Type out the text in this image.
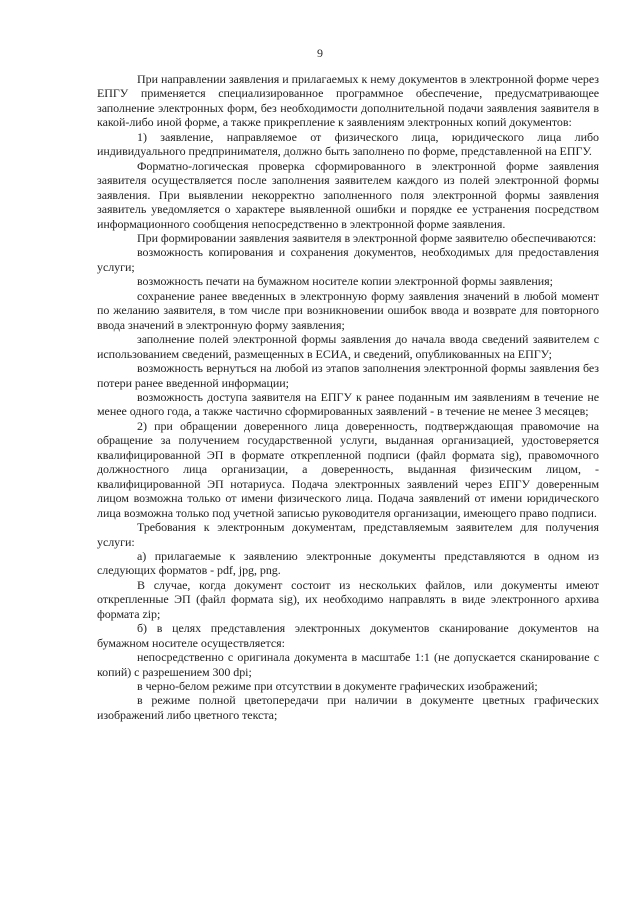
9

При направлении заявления и прилагаемых к нему документов в электронной форме через ЕПГУ применяется специализированное программное обеспечение, предусматривающее заполнение электронных форм, без необходимости дополнительной подачи заявления заявителя в какой-либо иной форме, а также прикрепление к заявлениям электронных копий документов:

1) заявление, направляемое от физического лица, юридического лица либо индивидуального предпринимателя, должно быть заполнено по форме, представленной на ЕПГУ.

Форматно-логическая проверка сформированного в электронной форме заявления заявителя осуществляется после заполнения заявителем каждого из полей электронной формы заявления. При выявлении некорректно заполненного поля электронной формы заявления заявитель уведомляется о характере выявленной ошибки и порядке ее устранения посредством информационного сообщения непосредственно в электронной форме заявления.

При формировании заявления заявителя в электронной форме заявителю обеспечиваются:

возможность копирования и сохранения документов, необходимых для предоставления услуги;

возможность печати на бумажном носителе копии электронной формы заявления;

сохранение ранее введенных в электронную форму заявления значений в любой момент по желанию заявителя, в том числе при возникновении ошибок ввода и возврате для повторного ввода значений в электронную форму заявления;

заполнение полей электронной формы заявления до начала ввода сведений заявителем с использованием сведений, размещенных в ЕСИА, и сведений, опубликованных на ЕПГУ;

возможность вернуться на любой из этапов заполнения электронной формы заявления без потери ранее введенной информации;

возможность доступа заявителя на ЕПГУ к ранее поданным им заявлениям в течение не менее одного года, а также частично сформированных заявлений - в течение не менее 3 месяцев;

2) при обращении доверенного лица доверенность, подтверждающая правомочие на обращение за получением государственной услуги, выданная организацией, удостоверяется квалифицированной ЭП в формате открепленной подписи (файл формата sig), правомочного должностного лица организации, а доверенность, выданная физическим лицом, - квалифицированной ЭП нотариуса. Подача электронных заявлений через ЕПГУ доверенным лицом возможна только от имени физического лица. Подача заявлений от имени юридического лица возможна только под учетной записью руководителя организации, имеющего право подписи.

Требования к электронным документам, представляемым заявителем для получения услуги:

а) прилагаемые к заявлению электронные документы представляются в одном из следующих форматов - pdf, jpg, png.

В случае, когда документ состоит из нескольких файлов, или документы имеют открепленные ЭП (файл формата sig), их необходимо направлять в виде электронного архива формата zip;

б) в целях представления электронных документов сканирование документов на бумажном носителе осуществляется:

непосредственно с оригинала документа в масштабе 1:1 (не допускается сканирование с копий) с разрешением 300 dpi;

в черно-белом режиме при отсутствии в документе графических изображений;

в режиме полной цветопередачи при наличии в документе цветных графических изображений либо цветного текста;
